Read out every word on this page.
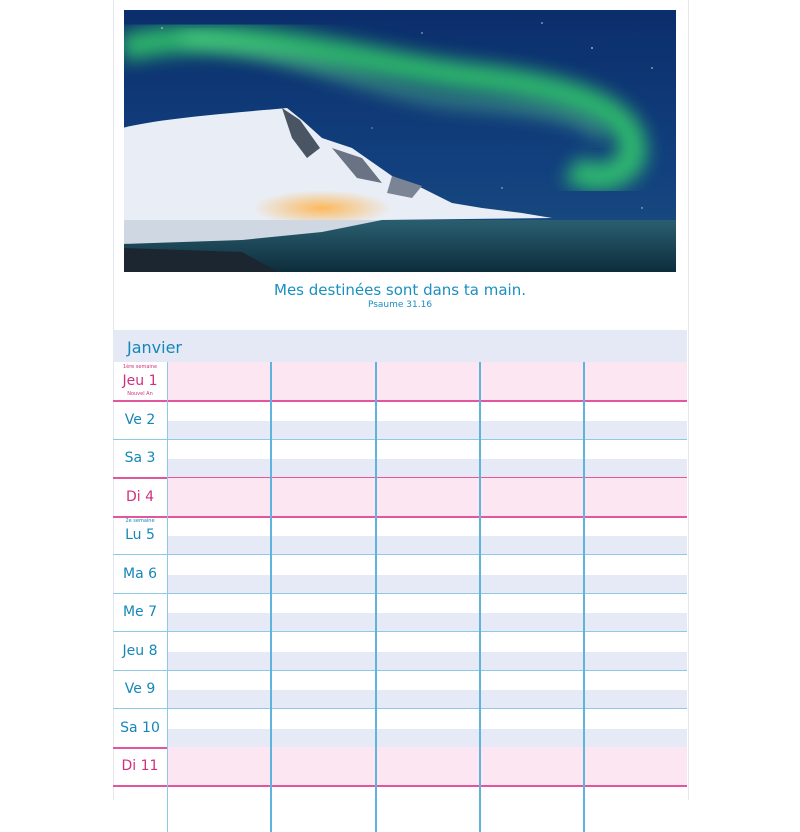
Mes destinées sont dans ta main.
Psaume 31.16
Janvier
1ère semaine
Jeu 1
Nouvel An
Ve 2
Sa 3
Di 4
2e semaine
Lu 5
Ma 6
Me 7
Jeu 8
Ve 9
Sa 10
Di 11
